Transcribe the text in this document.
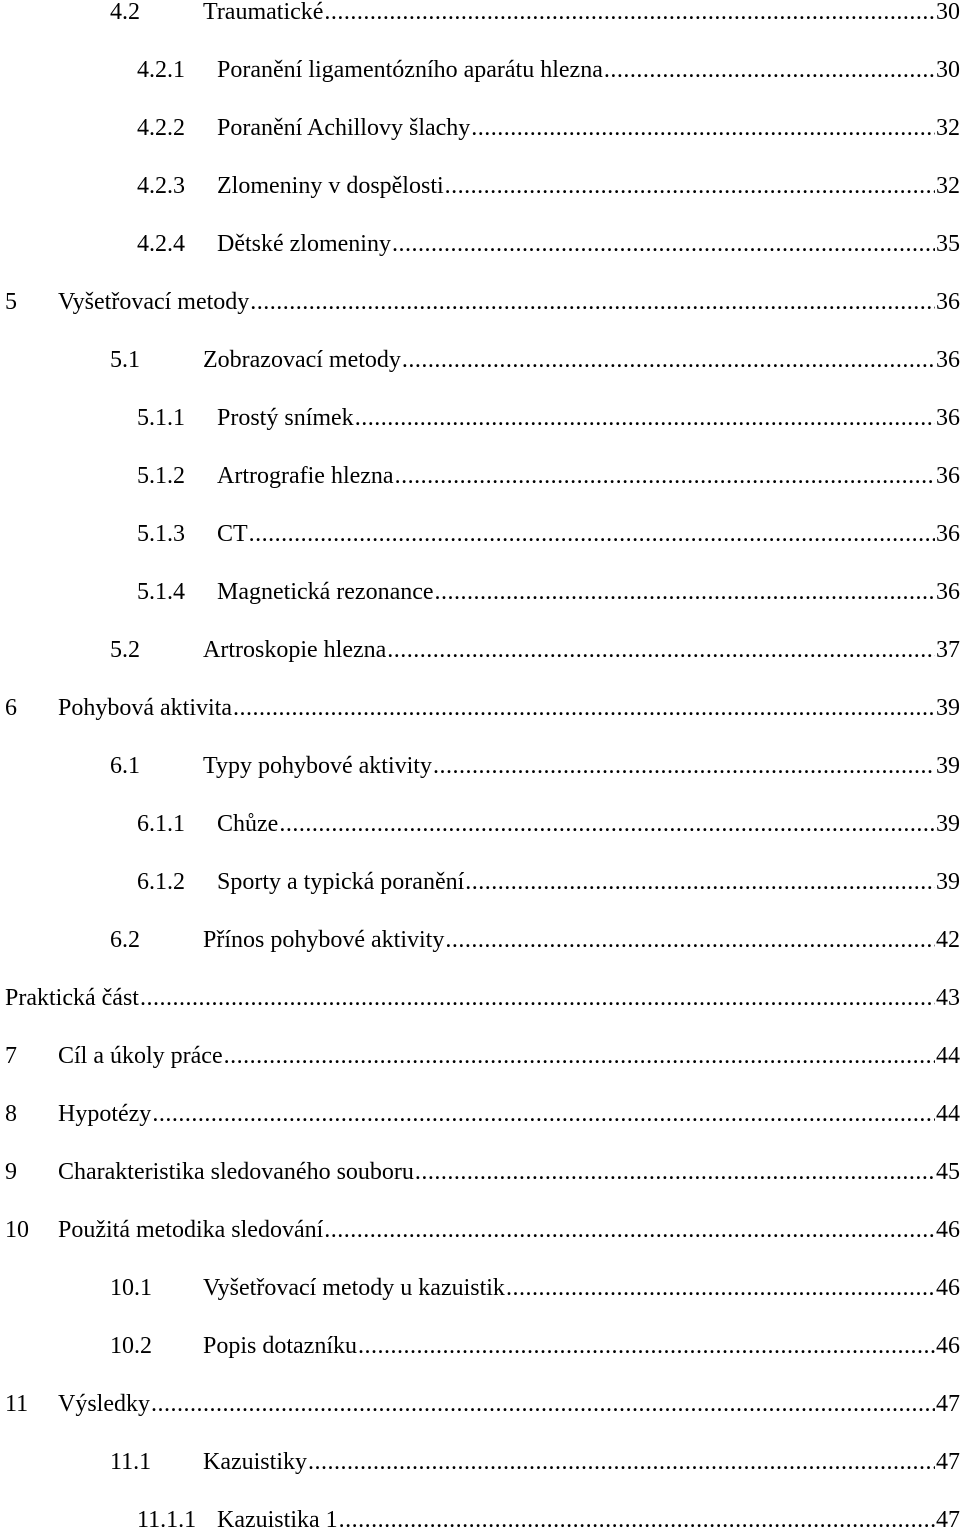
4.2	Traumatické .....	30
4.2.1	Poranění ligamentózního aparátu hlezna .....	30
4.2.2	Poranění Achillovy šlachy .....	32
4.2.3	Zlomeniny v dospělosti .....	32
4.2.4	Dětské zlomeniny .....	35
5	Vyšetřovací metody .....	36
5.1	Zobrazovací metody .....	36
5.1.1	Prostý snímek .....	36
5.1.2	Artrografie hlezna .....	36
5.1.3	CT .....	36
5.1.4	Magnetická rezonance .....	36
5.2	Artroskopie hlezna .....	37
6	Pohybová aktivita .....	39
6.1	Typy pohybové aktivity .....	39
6.1.1	Chůze .....	39
6.1.2	Sporty a typická poranění .....	39
6.2	Přínos pohybové aktivity .....	42
Praktická část .....	43
7	Cíl a úkoly práce .....	44
8	Hypotézy .....	44
9	Charakteristika sledovaného souboru .....	45
10	Použitá metodika sledování .....	46
10.1	Vyšetřovací metody u kazuistik .....	46
10.2	Popis dotazníku .....	46
11	Výsledky .....	47
11.1	Kazuistiky .....	47
11.1.1 Kazuistika 1 .....	47
